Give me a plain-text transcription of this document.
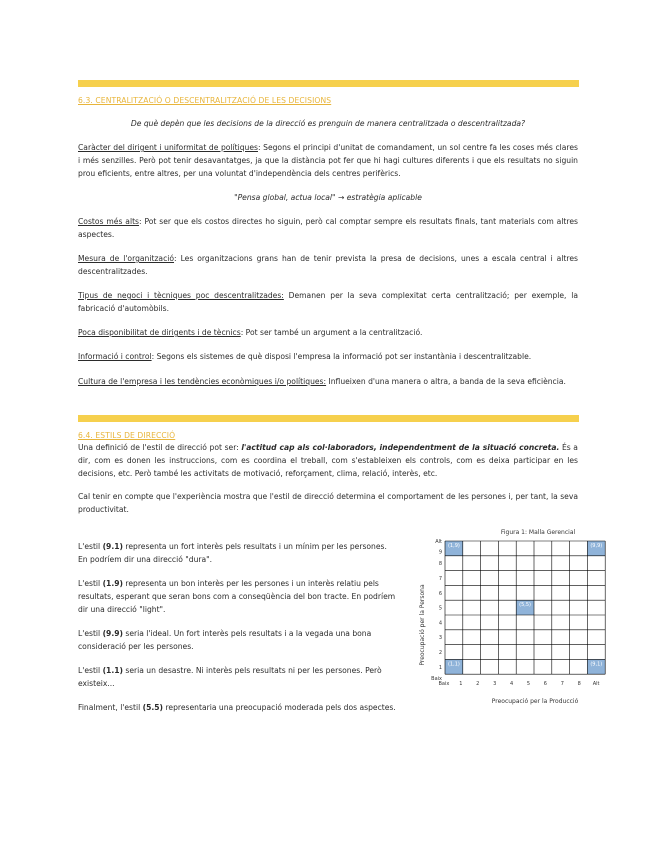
6.3. CENTRALITZACIÓ O DESCENTRALITZACIÓ DE LES DECISIONS

De què depèn que les decisions de la direcció es prenguin de manera centralitzada o descentralitzada?

Caràcter del dirigent i uniformitat de polítiques: Segons el principi d'unitat de comandament, un sol centre fa les coses més clares i més senzilles. Però pot tenir desavantatges, ja que la distància pot fer que hi hagi cultures diferents i que els resultats no siguin prou eficients, entre altres, per una voluntat d'independència dels centres perifèrics.

"Pensa global, actua local" → estratègia aplicable

Costos més alts: Pot ser que els costos directes ho siguin, però cal comptar sempre els resultats finals, tant materials com altres aspectes.

Mesura de l'organització: Les organitzacions grans han de tenir prevista la presa de decisions, unes a escala central i altres descentralitzades.

Tipus de negoci i tècniques poc descentralitzades: Demanen per la seva complexitat certa centralització; per exemple, la fabricació d'automòbils.

Poca disponibilitat de dirigents i de tècnics: Pot ser també un argument a la centralització.

Informació i control: Segons els sistemes de què disposi l'empresa la informació pot ser instantània i descentralitzable.

Cultura de l'empresa i les tendències econòmiques i/o polítiques: Influeixen d'una manera o altra, a banda de la seva eficiència.

6.4. ESTILS DE DIRECCIÓ

Una definició de l'estil de direcció pot ser: l'actitud cap als col·laboradors, independentment de la situació concreta. És a dir, com es donen les instruccions, com es coordina el treball, com s'estableixen els controls, com es deixa participar en les decisions, etc. Però també les activitats de motivació, reforçament, clima, relació, interès, etc.

Cal tenir en compte que l'experiència mostra que l'estil de direcció determina el comportament de les persones i, per tant, la seva productivitat.

L'estil (9.1) representa un fort interès pels resultats i un mínim per les persones. En podríem dir una direcció "dura".

L'estil (1.9) representa un bon interès per les persones i un interès relatiu pels resultats, esperant que seran bons com a conseqüència del bon tracte. En podríem dir una direcció "light".

L'estil (9.9) seria l'ideal. Un fort interès pels resultats i a la vegada una bona consideració per les persones.

L'estil (1.1) seria un desastre. Ni interès pels resultats ni per les persones. Però existeix...

Finalment, l'estil (5.5) representaria una preocupació moderada pels dos aspectes.

Figura 1: Malla Gerencial
Preocupació per la Persona
Preocupació per la Producció
(1,9)	(9,9)
(5,5)
(1,1)	(9,1)
Alt
9
8
7
6
5
4
3
2
1
Baix
Baix 1	2	3	4	5	6	7	8 Alt
